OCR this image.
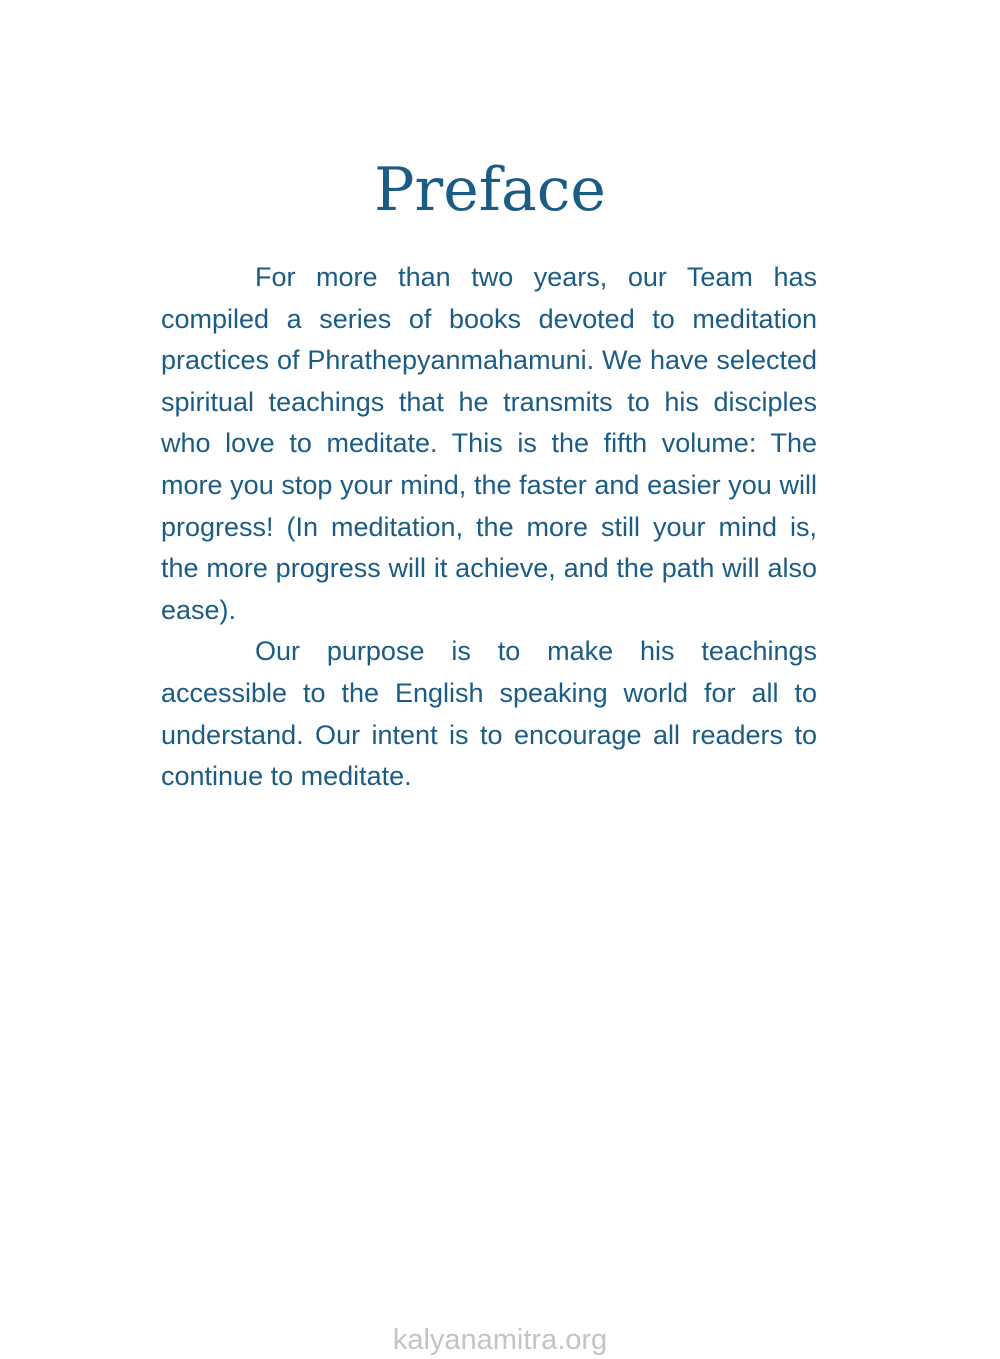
Preface

For more than two years, our Team has compiled a series of books devoted to meditation practices of Phrathepyanmahamuni. We have selected spiritual teachings that he transmits to his disciples who love to meditate. This is the fifth volume: The more you stop your mind, the faster and easier you will progress! (In meditation, the more still your mind is, the more progress will it achieve, and the path will also ease).

Our purpose is to make his teachings accessible to the English speaking world for all to understand. Our intent is to encourage all readers to continue to meditate.

kalyanamitra.org
